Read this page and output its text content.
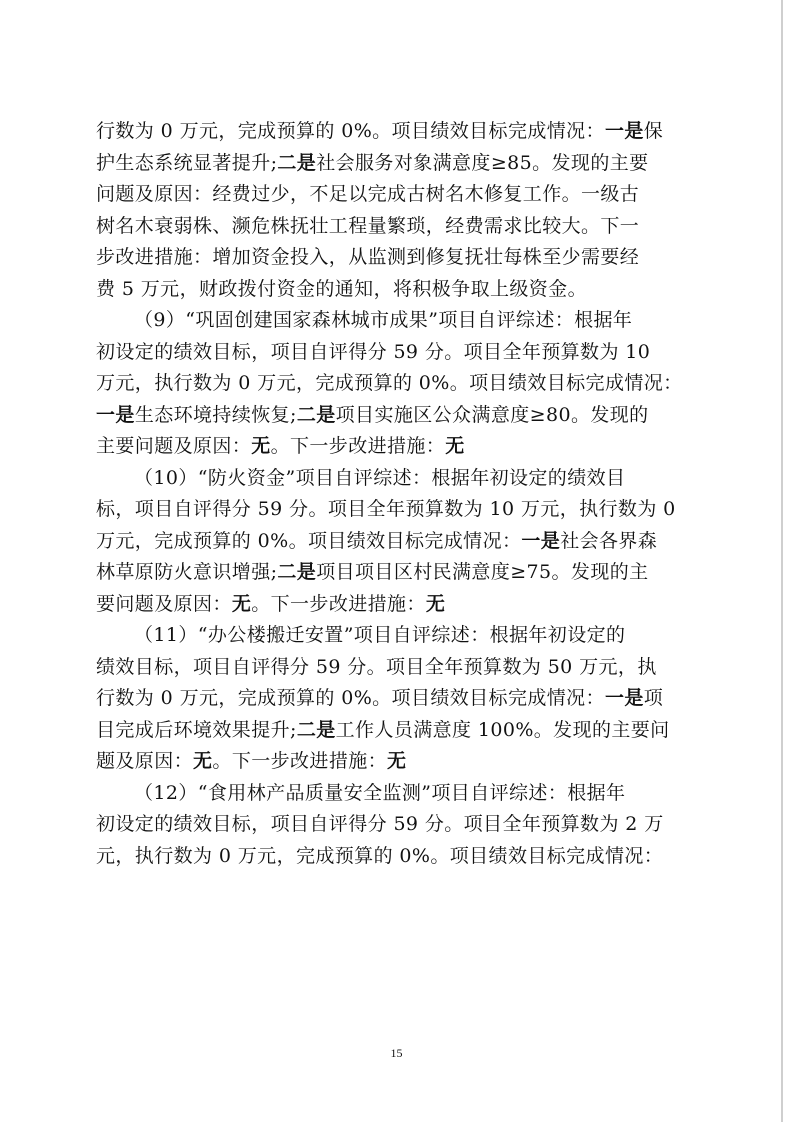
行数为 0 万元，完成预算的 0%。项目绩效目标完成情况：一是保
护生态系统显著提升;二是社会服务对象满意度≥85。发现的主要
问题及原因：经费过少，不足以完成古树名木修复工作。一级古
树名木衰弱株、濒危株抚壮工程量繁琐，经费需求比较大。下一
步改进措施：增加资金投入，从监测到修复抚壮每株至少需要经
费 5 万元，财政拨付资金的通知，将积极争取上级资金。
（9）“巩固创建国家森林城市成果”项目自评综述：根据年
初设定的绩效目标，项目自评得分 59 分。项目全年预算数为 10
万元，执行数为 0 万元，完成预算的 0%。项目绩效目标完成情况：
一是生态环境持续恢复;二是项目实施区公众满意度≥80。发现的
主要问题及原因：无。下一步改进措施：无
（10）“防火资金”项目自评综述：根据年初设定的绩效目
标，项目自评得分 59 分。项目全年预算数为 10 万元，执行数为 0
万元，完成预算的 0%。项目绩效目标完成情况：一是社会各界森
林草原防火意识增强;二是项目项目区村民满意度≥75。发现的主
要问题及原因：无。下一步改进措施：无
（11）“办公楼搬迁安置”项目自评综述：根据年初设定的
绩效目标，项目自评得分 59 分。项目全年预算数为 50 万元，执
行数为 0 万元，完成预算的 0%。项目绩效目标完成情况：一是项
目完成后环境效果提升;二是工作人员满意度 100%。发现的主要问
题及原因：无。下一步改进措施：无
（12）“食用林产品质量安全监测”项目自评综述：根据年
初设定的绩效目标，项目自评得分 59 分。项目全年预算数为 2 万
元，执行数为 0 万元，完成预算的 0%。项目绩效目标完成情况：
15
